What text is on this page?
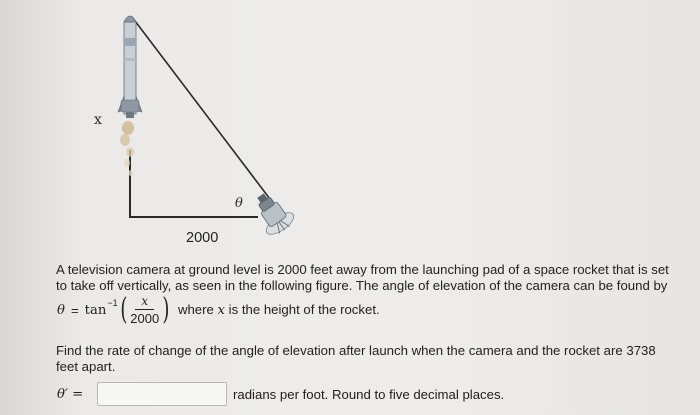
x
θ
2000
A television camera at ground level is 2000 feet away from the launching pad of a space rocket that is set to take off vertically, as seen in the following figure. The angle of elevation of the camera can be found by
θ = tan −1 ( $\frac{x}{2000}$ ) where x is the height of the rocket.
Find the rate of change of the angle of elevation after launch when the camera and the rocket are 3738 feet apart.
θ′ =	radians per foot. Round to five decimal places.
